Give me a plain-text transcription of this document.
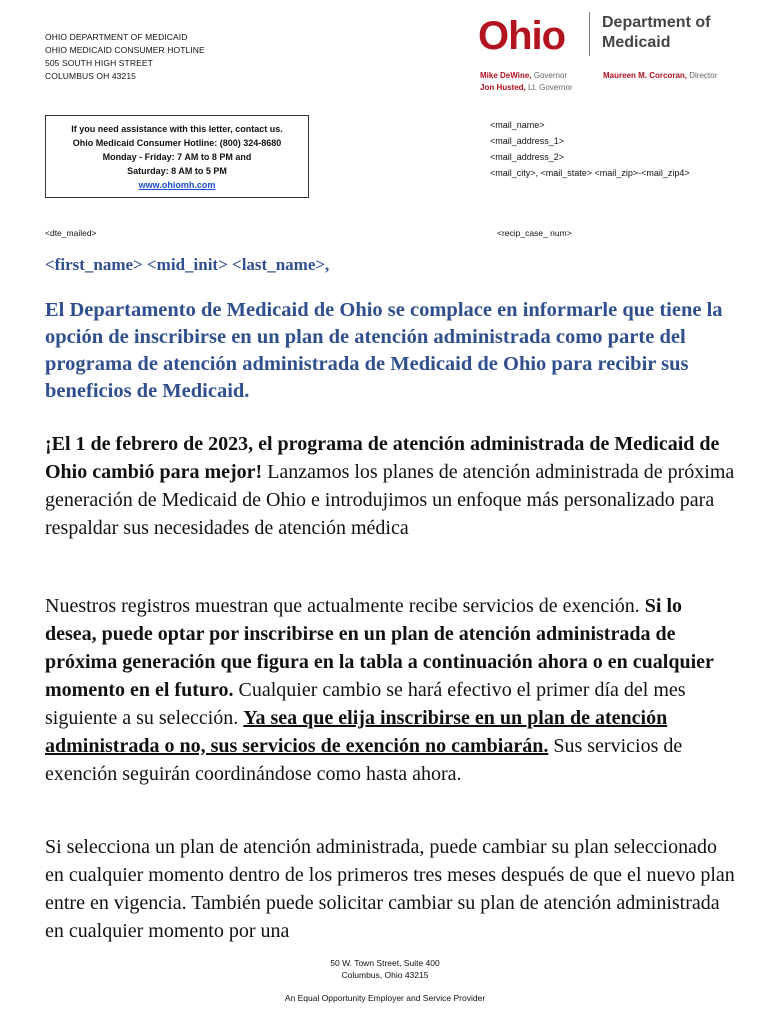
OHIO DEPARTMENT OF MEDICAID
OHIO MEDICAID CONSUMER HOTLINE
505 SOUTH HIGH STREET
COLUMBUS OH 43215
Ohio Department of
Medicaid
Mike DeWine, Governor
Jon Husted, Lt. Governor
Maureen M. Corcoran, Director
If you need assistance with this letter, contact us.
Ohio Medicaid Consumer Hotline: (800) 324-8680
Monday - Friday: 7 AM to 8 PM and
Saturday: 8 AM to 5 PM
www.ohiomh.com
<mail_name>
<mail_address_1>
<mail_address_2>
<mail_city>, <mail_state> <mail_zip>-<mail_zip4>
<dte_mailed>	<recip_case_ num>
<first_name> <mid_init> <last_name>,
El Departamento de Medicaid de Ohio se complace en informarle que tiene la opción de inscribirse en un plan de atención administrada como parte del programa de atención administrada de Medicaid de Ohio para recibir sus beneficios de Medicaid.
¡El 1 de febrero de 2023, el programa de atención administrada de Medicaid de Ohio cambió para mejor! Lanzamos los planes de atención administrada de próxima generación de Medicaid de Ohio e introdujimos un enfoque más personalizado para respaldar sus necesidades de atención médica
Nuestros registros muestran que actualmente recibe servicios de exención. Si lo desea, puede optar por inscribirse en un plan de atención administrada de próxima generación que figura en la tabla a continuación ahora o en cualquier momento en el futuro. Cualquier cambio se hará efectivo el primer día del mes siguiente a su selección. Ya sea que elija inscribirse en un plan de atención administrada o no, sus servicios de exención no cambiarán. Sus servicios de exención seguirán coordinándose como hasta ahora.
Si selecciona un plan de atención administrada, puede cambiar su plan seleccionado en cualquier momento dentro de los primeros tres meses después de que el nuevo plan entre en vigencia. También puede solicitar cambiar su plan de atención administrada en cualquier momento por una
50 W. Town Street, Suite 400
Columbus, Ohio 43215
An Equal Opportunity Employer and Service Provider
